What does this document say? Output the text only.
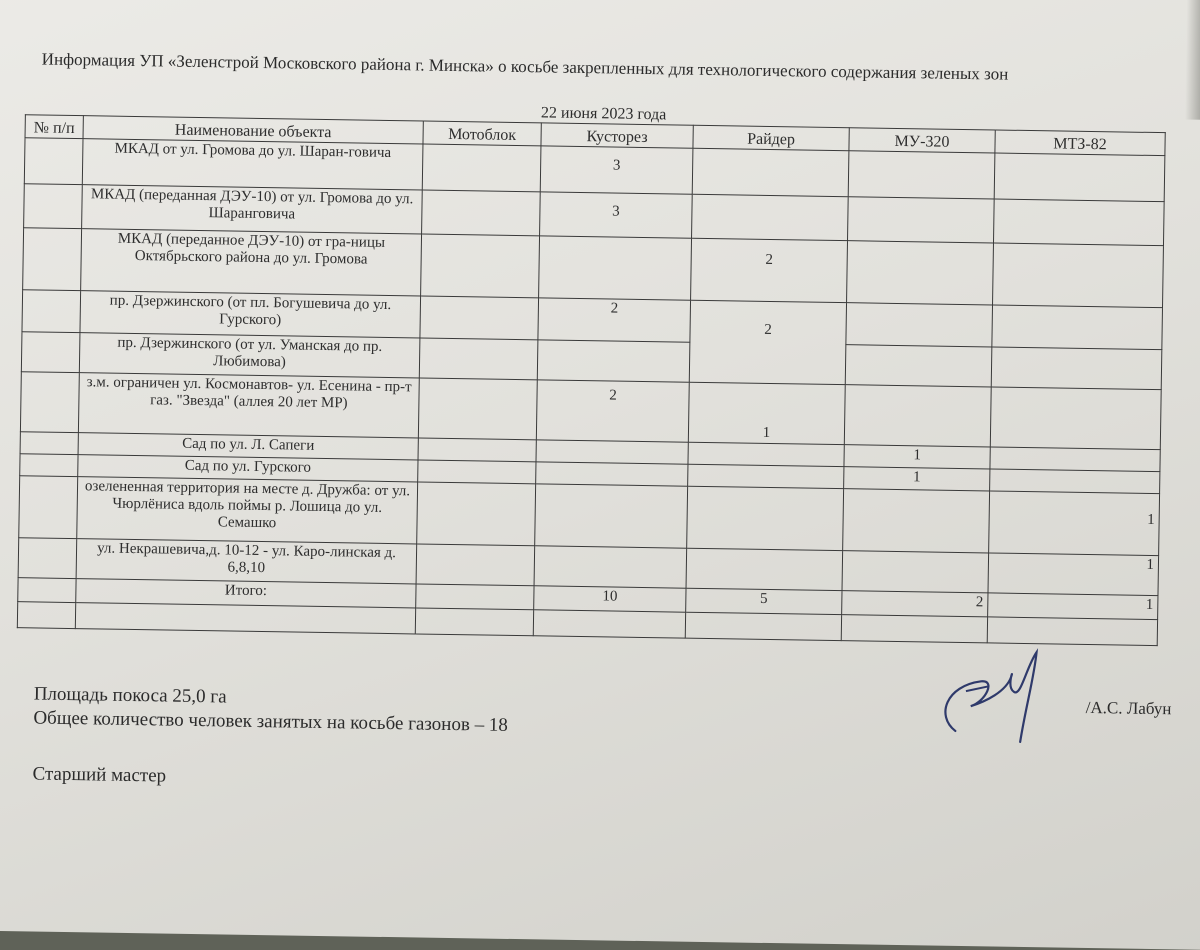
Информация УП «Зеленстрой Московского района г. Минска» о косьбе закрепленных для технологического содержания зеленых зон
22 июня 2023 года
№ п/п	Наименование объекта	Мотоблок	Кусторез	Райдер	МУ-320	МТЗ-82
	МКАД от ул. Громова до ул. Шаран-говича		3			
	МКАД (переданная ДЭУ-10) от ул. Громова до ул. Шаранговича		3			
	МКАД (переданное ДЭУ-10) от гра-ницы Октябрьского района до ул. Громова			2		
	пр. Дзержинского (от пл. Богушевича до ул. Гурского)		2	2		
	пр. Дзержинского (от ул. Уманская до пр. Любимова)					
	з.м. ограничен ул. Космонавтов- ул. Есенина - пр-т газ. "Звезда" (аллея 20 лет МР)		2	1		
	Сад по ул. Л. Сапеги				1	
	Сад по ул. Гурского				1	
	озелененная территория на месте д. Дружба: от ул. Чюрлёниса вдоль поймы р. Лошица до ул. Семашко					1
	ул. Некрашевича,д. 10-12 - ул. Каро-линская д. 6,8,10					1
	Итого:		10	5	2	1

Площадь покоса 25,0 га
Общее количество человек занятых на косьбе газонов – 18
Старший мастер
/А.С. Лабун
